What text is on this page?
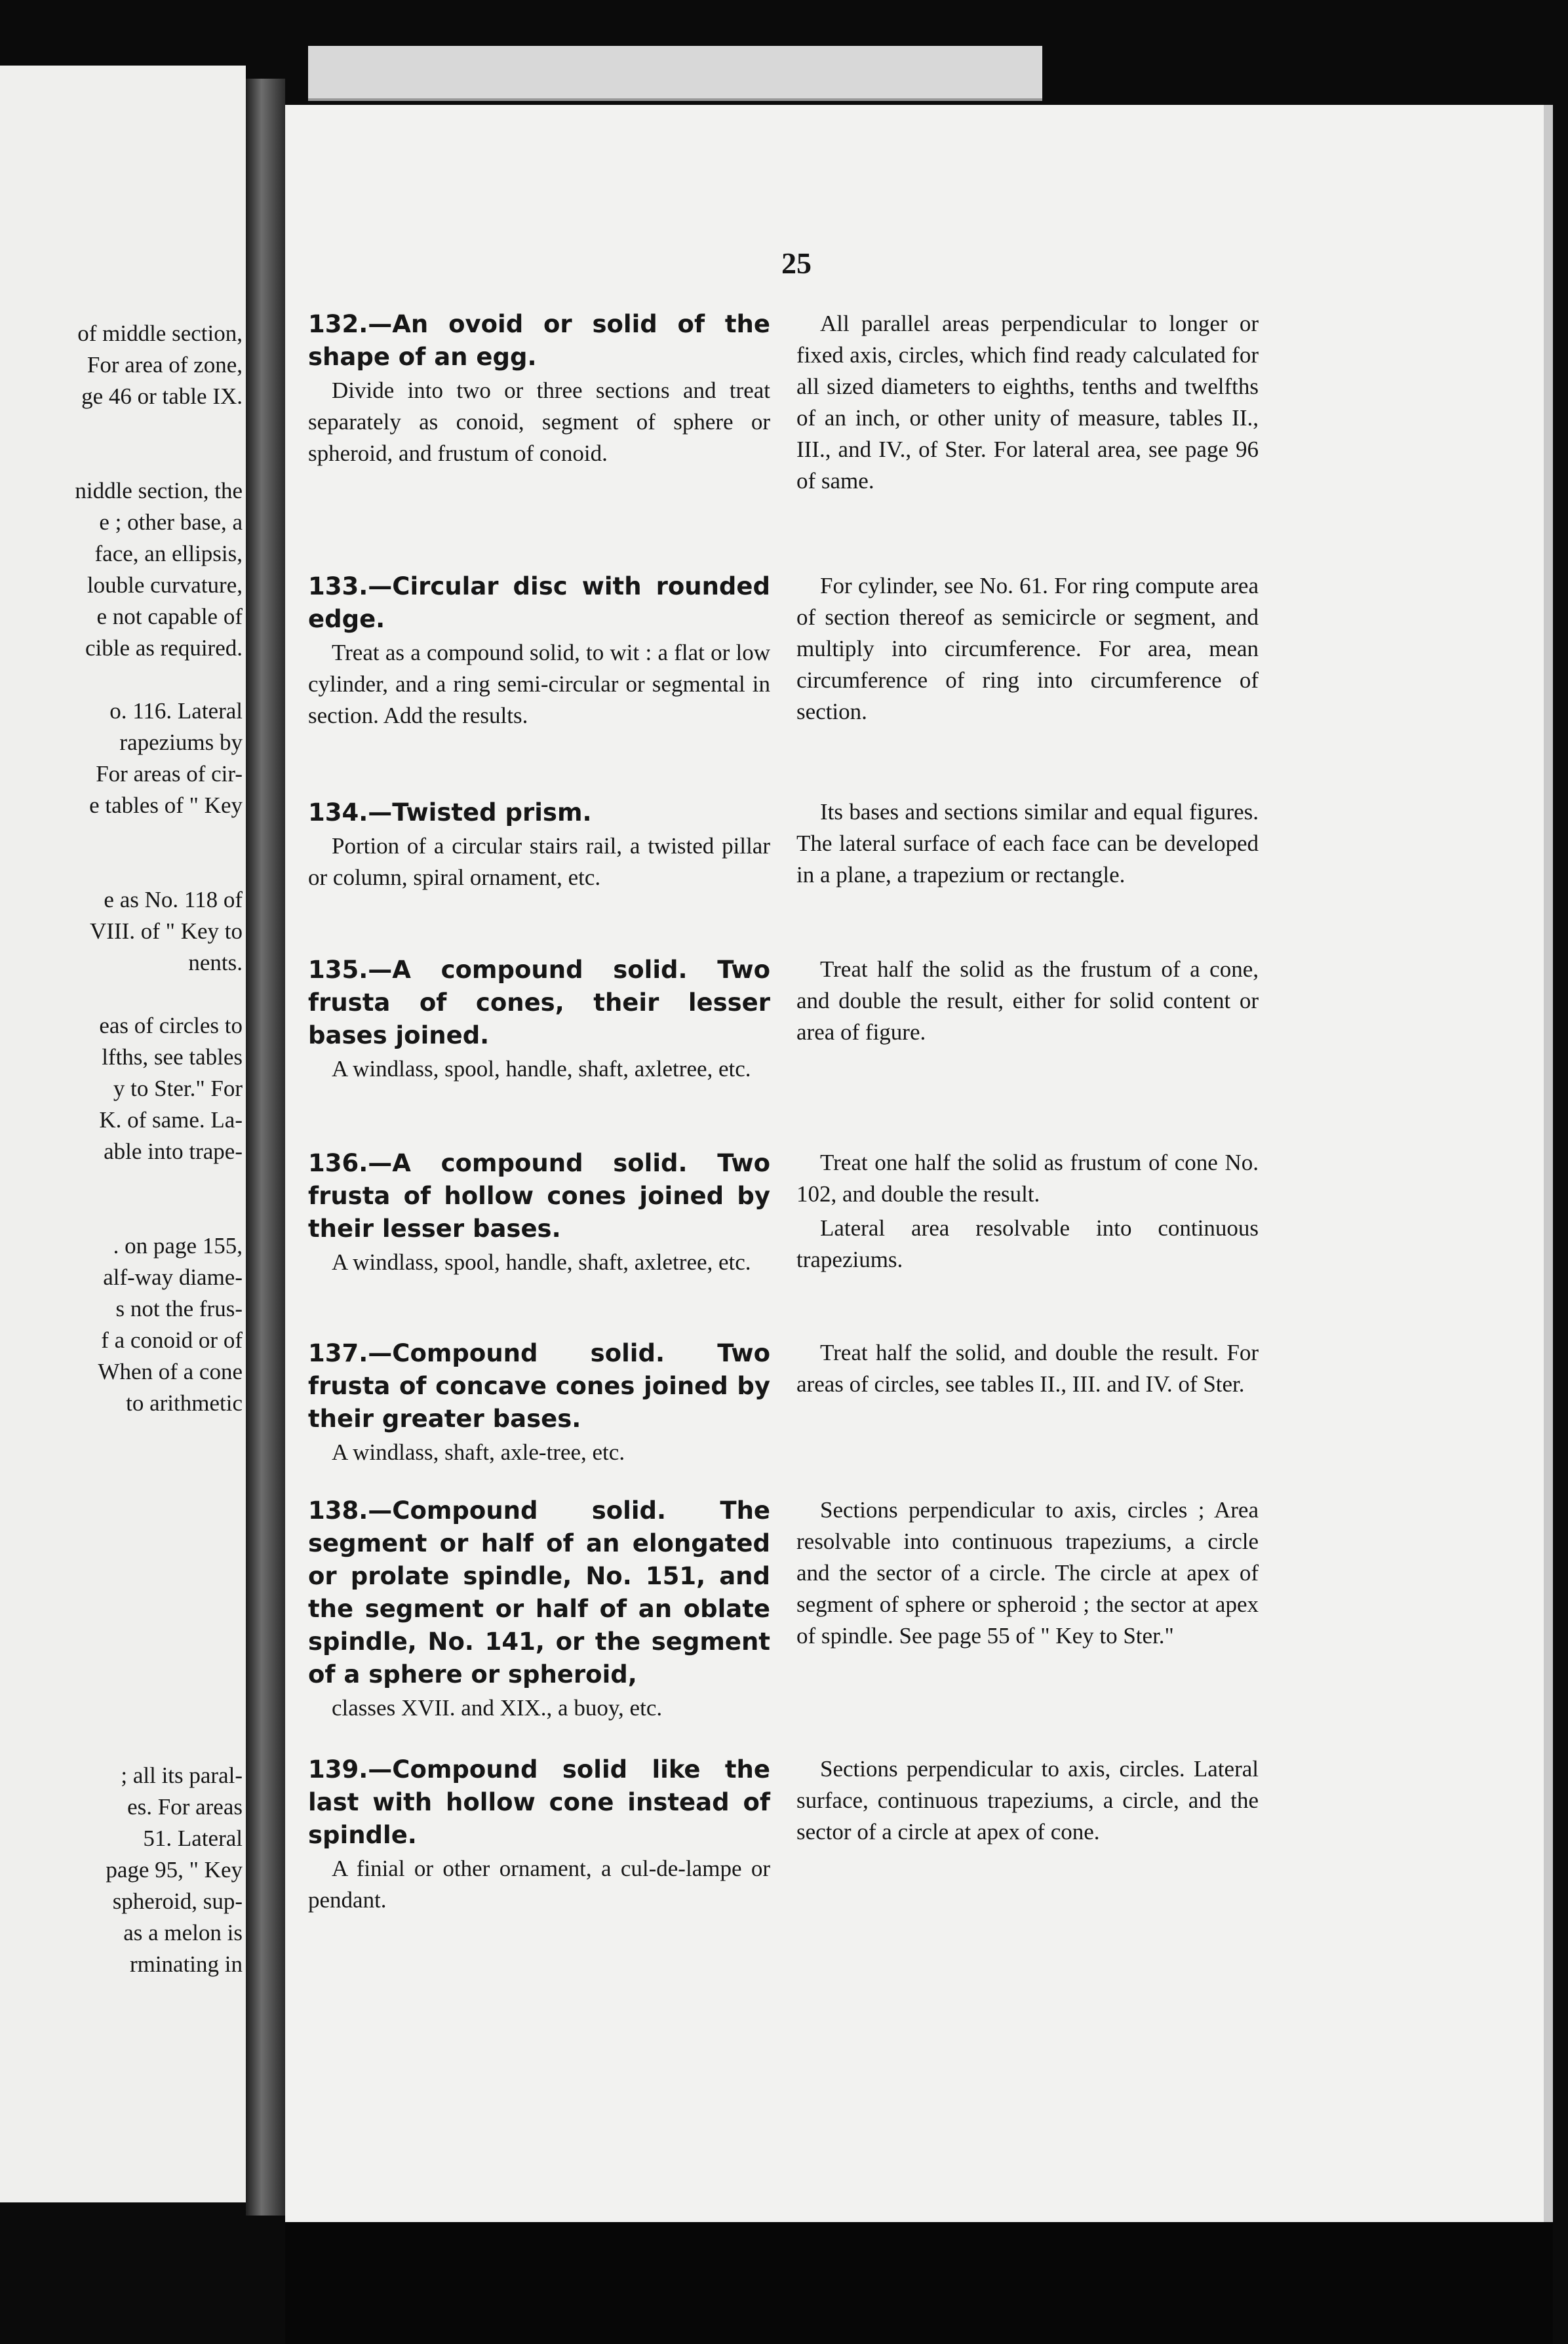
of middle section,
For area of zone,
ge 46 or table IX.
niddle section, the
e ; other base, a
face, an ellipsis,
louble curvature,
e not capable of
cible as required.
o. 116. Lateral
rapeziums by
For areas of cir-
e tables of " Key
e as No. 118 of
VIII. of " Key to
nents.
eas of circles to
lfths, see tables
y to Ster." For
K. of same. La-
able into trape-
. on page 155,
alf-way diame-
s not the frus-
f a conoid or of
When of a cone
to arithmetic
; all its paral-
es. For areas
51. Lateral
page 95, " Key
spheroid, sup-
as a melon is
rminating in
25

132.—An ovoid or solid of the shape of an egg.

Divide into two or three sections and treat separately as conoid, segment of sphere or spheroid, and frustum of conoid.

133.—Circular disc with rounded edge.

Treat as a compound solid, to wit : a flat or low cylinder, and a ring semi-circular or segmental in section. Add the results.

134.—Twisted prism.

Portion of a circular stairs rail, a twisted pillar or column, spiral ornament, etc.

135.—A compound solid. Two frusta of cones, their lesser bases joined.

A windlass, spool, handle, shaft, axletree, etc.

136.—A compound solid. Two frusta of hollow cones joined by their lesser bases.

A windlass, spool, handle, shaft, axletree, etc.

137.—Compound solid. Two frusta of concave cones joined by their greater bases.

A windlass, shaft, axle-tree, etc.

138.—Compound solid. The segment or half of an elongated or prolate spindle, No. 151, and the segment or half of an oblate spindle, No. 141, or the segment of a sphere or spheroid,

classes XVII. and XIX., a buoy, etc.

139.—Compound solid like the last with hollow cone instead of spindle.

A finial or other ornament, a cul-de-lampe or pendant.

All parallel areas perpendicular to longer or fixed axis, circles, which find ready calculated for all sized diameters to eighths, tenths and twelfths of an inch, or other unity of measure, tables II., III., and IV., of Ster. For lateral area, see page 96 of same.

For cylinder, see No. 61. For ring compute area of section thereof as semicircle or segment, and multiply into circumference. For area, mean circumference of ring into circumference of section.

Its bases and sections similar and equal figures. The lateral surface of each face can be developed in a plane, a trapezium or rectangle.

Treat half the solid as the frustum of a cone, and double the result, either for solid content or area of figure.

Treat one half the solid as frustum of cone No. 102, and double the result.

Lateral area resolvable into continuous trapeziums.

Treat half the solid, and double the result. For areas of circles, see tables II., III. and IV. of Ster.

Sections perpendicular to axis, circles ; Area resolvable into continuous trapeziums, a circle and the sector of a circle. The circle at apex of segment of sphere or spheroid ; the sector at apex of spindle. See page 55 of " Key to Ster."

Sections perpendicular to axis, circles. Lateral surface, continuous trapeziums, a circle, and the sector of a circle at apex of cone.
